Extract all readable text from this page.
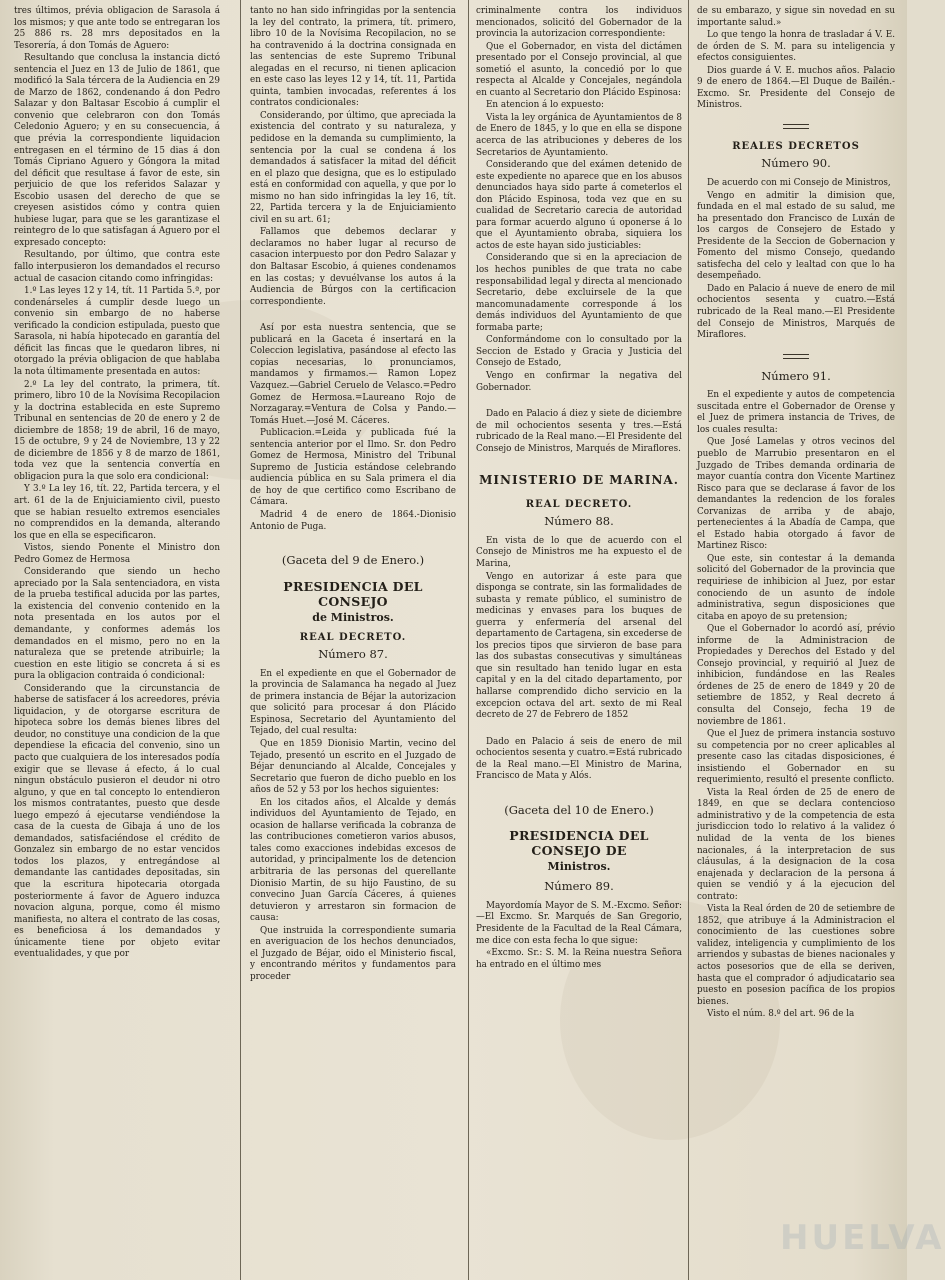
tres últimos, prévia obligacion de Sarasola á los mismos; y que ante todo se entregaran los 25 886 rs. 28 mrs depositados en la Tesorería, á don Tomás de Aguero:

Resultando que conclusa la instancia dictó sentencia el Juez en 13 de Julio de 1861, que modificó la Sala tércera de la Audiencia en 29 de Marzo de 1862, condenando á don Pedro Salazar y don Baltasar Escobio á cumplir el convenio que celebraron con don Tomás Celedonio Aguero; y en su consecuencia, á que prévia la correspondiente liquidacion entregasen en el término de 15 dias á don Tomás Cipriano Aguero y Góngora la mitad del déficit que resultase á favor de este, sin perjuicio de que los referidos Salazar y Escobio usasen del derecho de que se creyesen asistidos cómo y contra quien hubiese lugar, para que se les garantizase el reintegro de lo que satisfagan á Aguero por el expresado concepto:

Resultando, por último, que contra este fallo interpusieron los demandados el recurso actual de casacion citando como infringidas:

1.º Las leyes 12 y 14, tít. 11 Partida 5.ª, por condenárseles á cumplir desde luego un convenio sin embargo de no haberse verificado la condicion estipulada, puesto que Sarasola, ni había hipotecado en garantía del déficit las fincas que le quedaron libres, ni otorgado la prévia obligacion de que hablaba la nota últimamente presentada en autos:

2.º La ley del contrato, la primera, tít. primero, libro 10 de la Novísima Recopilacion y la doctrina establecida en este Supremo Tribunal en sentencias de 20 de enero y 2 de diciembre de 1858; 19 de abril, 16 de mayo, 15 de octubre, 9 y 24 de Noviembre, 13 y 22 de diciembre de 1856 y 8 de marzo de 1861, toda vez que la sentencia convertía en obligacion pura la que solo era condicional:

Y 3.º La ley 16, tít. 22, Partida tercera, y el art. 61 de la de Enjuiciamiento civil, puesto que se habian resuelto extremos esenciales no comprendidos en la demanda, alterando los que en ella se especificaron.

Vistos, siendo Ponente el Ministro don Pedro Gomez de Hermosa

Considerando que siendo un hecho apreciado por la Sala sentenciadora, en vista de la prueba testifical aducida por las partes, la existencia del convenio contenido en la nota presentada en los autos por el demandante, y conformes además los demandados en el mismo, pero no en la naturaleza que se pretende atribuirle; la cuestion en este litigio se concreta á si es pura la obligacion contraida ó condicional:

Considerando que la circunstancia de haberse de satisfacer á los acreedores, prévia liquidacion, y de otorgarse escritura de hipoteca sobre los demás bienes libres del deudor, no constituye una condicion de la que dependiese la eficacia del convenio, sino un pacto que cualquiera de los interesados podía exigir que se llevase á efecto, á lo cual ningun obstáculo pusieron el deudor ni otro alguno, y que en tal concepto lo entendieron los mismos contratantes, puesto que desde luego empezó á ejecutarse vendiéndose la casa de la cuesta de Gibaja á uno de los demandados, satisfaciéndose el crédito de Gonzalez sin embargo de no estar vencidos todos los plazos, y entregándose al demandante las cantidades depositadas, sin que la escritura hipotecaria otorgada posteriormente á favor de Aguero induzca novacion alguna, porque, como él mismo manifiesta, no altera el contrato de las cosas, es beneficiosa á los demandados y únicamente tiene por objeto evitar eventualidades, y que por

tanto no han sido infringidas por la sentencia la ley del contrato, la primera, tít. primero, libro 10 de la Novísima Recopilacion, no se ha contravenido á la doctrina consignada en las sentencias de este Supremo Tribunal alegadas en el recurso, ni tienen aplicacion en este caso las leyes 12 y 14, tít. 11, Partida quinta, tambien invocadas, referentes á los contratos condicionales:

Considerando, por último, que apreciada la existencia del contrato y su naturaleza, y pedidose en la demanda su cumplimiento, la sentencia por la cual se condena á los demandados á satisfacer la mitad del déficit en el plazo que designa, que es lo estipulado está en conformidad con aquella, y que por lo mismo no han sido infringidas la ley 16, tít. 22, Partida tercera y la de Enjuiciamiento civil en su art. 61;

Fallamos que debemos declarar y declaramos no haber lugar al recurso de casacion interpuesto por don Pedro Salazar y don Baltasar Escobio, á quienes condenamos en las costas; y devuélvanse los autos á la Audiencia de Búrgos con la certificacion correspondiente.

Así por esta nuestra sentencia, que se publicará en la Gaceta é insertará en la Coleccion legislativa, pasándose al efecto las copias necesarias, lo pronunciamos, mandamos y firmamos.— Ramon Lopez Vazquez.—Gabriel Ceruelo de Velasco.=Pedro Gomez de Hermosa.=Laureano Rojo de Norzagaray.=Ventura de Colsa y Pando.—Tomás Huet.—José M. Cáceres.

Publicacion.=Leida y publicada fué la sentencia anterior por el Ilmo. Sr. don Pedro Gomez de Hermosa, Ministro del Tribunal Supremo de Justicia estándose celebrando audiencia pública en su Sala primera el dia de hoy de que certifico como Escribano de Cámara.

Madrid 4 de enero de 1864.-Dionisio Antonio de Puga.

(Gaceta del 9 de Enero.)
PRESIDENCIA DEL CONSEJO
de Ministros.
REAL DECRETO.
Número 87.

En el expediente en que el Gobernador de la provincia de Salamanca ha negado al Juez de primera instancia de Béjar la autorizacion que solicitó para procesar á don Plácido Espinosa, Secretario del Ayuntamiento del Tejado, del cual resulta:

Que en 1859 Dionisio Martin, vecino del Tejado, presentó un escrito en el Juzgado de Béjar denunciando al Alcalde, Concejales y Secretario que fueron de dicho pueblo en los años de 52 y 53 por los hechos siguientes:

En los citados años, el Alcalde y demás individuos del Ayuntamiento de Tejado, en ocasion de hallarse verificada la cobranza de las contribuciones cometieron varios abusos, tales como exacciones indebidas excesos de autoridad, y principalmente los de detencion arbitraria de las personas del querellante Dionisio Martin, de su hijo Faustino, de su convecino Juan García Cáceres, á quienes detuvieron y arrestaron sin formacion de causa:

Que instruida la correspondiente sumaria en averiguacion de los hechos denunciados, el Juzgado de Béjar, oido el Ministerio fiscal, y encontrando méritos y fundamentos para proceder

criminalmente contra los individuos mencionados, solicitó del Gobernador de la provincia la autorizacion correspondiente:

Que el Gobernador, en vista del dictámen presentado por el Consejo provincial, al que sometió el asunto, la concedió por lo que respecta al Alcalde y Concejales, negándola en cuanto al Secretario don Plácido Espinosa:

En atencion á lo expuesto:

Vista la ley orgánica de Ayuntamientos de 8 de Enero de 1845, y lo que en ella se dispone acerca de las atribuciones y deberes de los Secretarios de Ayuntamiento.

Considerando que del exámen detenido de este expediente no aparece que en los abusos denunciados haya sido parte á cometerlos el don Plácido Espinosa, toda vez que en su cualidad de Secretario carecia de autoridad para formar acuerdo alguno ú oponerse á lo que el Ayuntamiento obraba, siquiera los actos de este hayan sido justiciables:

Considerando que si en la apreciacion de los hechos punibles de que trata no cabe responsabilidad legal y directa al mencionado Secretario, debe excluirsele de la que mancomunadamente corresponde á los demás individuos del Ayuntamiento de que formaba parte;

Conformándome con lo consultado por la Seccion de Estado y Gracia y Justicia del Consejo de Estado,

Vengo en confirmar la negativa del Gobernador.

Dado en Palacio á diez y siete de diciembre de mil ochocientos sesenta y tres.—Está rubricado de la Real mano.—El Presidente del Consejo de Ministros, Marqués de Miraflores.

MINISTERIO DE MARINA.
REAL DECRETO.
Número 88.

En vista de lo que de acuerdo con el Consejo de Ministros me ha expuesto el de Marina,

Vengo en autorizar á este para que disponga se contrate, sin las formalidades de subasta y remate público, el suministro de medicinas y envases para los buques de guerra y enfermería del arsenal del departamento de Cartagena, sin excederse de los precios tipos que sirvieron de base para las dos subastas consecutivas y simultáneas que sin resultado han tenido lugar en esta capital y en la del citado departamento, por hallarse comprendido dicho servicio en la excepcion octava del art. sexto de mi Real decreto de 27 de Febrero de 1852

Dado en Palacio á seis de enero de mil ochocientos sesenta y cuatro.=Está rubricado de la Real mano.—El Ministro de Marina, Francisco de Mata y Alós.

(Gaceta del 10 de Enero.)
PRESIDENCIA DEL CONSEJO DE
Ministros.
Número 89.

Mayordomía Mayor de S. M.-Excmo. Señor:—El Excmo. Sr. Marqués de San Gregorio, Presidente de la Facultad de la Real Cámara, me dice con esta fecha lo que sigue:

«Excmo. Sr.: S. M. la Reina nuestra Señora ha entrado en el último mes

de su embarazo, y sigue sin novedad en su importante salud.»

Lo que tengo la honra de trasladar á V. E. de órden de S. M. para su inteligencia y efectos consiguientes.

Dios guarde á V. E. muchos años. Palacio 9 de enero de 1864.—El Duque de Bailén.- Excmo. Sr. Presidente del Consejo de Ministros.

REALES DECRETOS
Número 90.

De acuerdo con mi Consejo de Ministros,

Vengo en admitir la dimision que, fundada en el mal estado de su salud, me ha presentado don Francisco de Luxán de los cargos de Consejero de Estado y Presidente de la Seccion de Gobernacion y Fomento del mismo Consejo, quedando satisfecha del celo y lealtad con que lo ha desempeñado.

Dado en Palacio á nueve de enero de mil ochocientos sesenta y cuatro.—Está rubricado de la Real mano.—El Presidente del Consejo de Ministros, Marqués de Miraflores.

Número 91.

En el expediente y autos de competencia suscitada entre el Gobernador de Orense y el Juez de primera instancia de Trives, de los cuales resulta:

Que José Lamelas y otros vecinos del pueblo de Marrubio presentaron en el Juzgado de Tribes demanda ordinaria de mayor cuantía contra don Vicente Martinez Risco para que se declarase á favor de los demandantes la redencion de los forales Corvanizas de arriba y de abajo, pertenecientes á la Abadía de Campa, que el Estado habia otorgado á favor de Martinez Risco:

Que este, sin contestar á la demanda solicitó del Gobernador de la provincia que requiriese de inhibicion al Juez, por estar conociendo de un asunto de índole administrativa, segun disposiciones que citaba en apoyo de su pretension;

Que el Gobernador lo acordó así, prévio informe de la Administracion de Propiedades y Derechos del Estado y del Consejo provincial, y requirió al Juez de inhibicion, fundándose en las Reales órdenes de 25 de enero de 1849 y 20 de setiembre de 1852, y Real decreto á consulta del Consejo, fecha 19 de noviembre de 1861.

Que el Juez de primera instancia sostuvo su competencia por no creer aplicables al presente caso las citadas disposiciones, é insistiendo el Gobernador en su requerimiento, resultó el presente conflicto.

Vista la Real órden de 25 de enero de 1849, en que se declara contencioso administrativo y de la competencia de esta jurisdiccion todo lo relativo á la validez ó nulidad de la venta de los bienes nacionales, á la interpretacion de sus cláusulas, á la designacion de la cosa enajenada y declaracion de la persona á quien se vendió y á la ejecucion del contrato:

Vista la Real órden de 20 de setiembre de 1852, que atribuye á la Administracion el conocimiento de las cuestiones sobre validez, inteligencia y cumplimiento de los arriendos y subastas de bienes nacionales y actos posesorios que de ella se deriven, hasta que el comprador ó adjudicatario sea puesto en posesion pacífica de los propios bienes.

Visto el núm. 8.º del art. 96 de la

HUELVA
